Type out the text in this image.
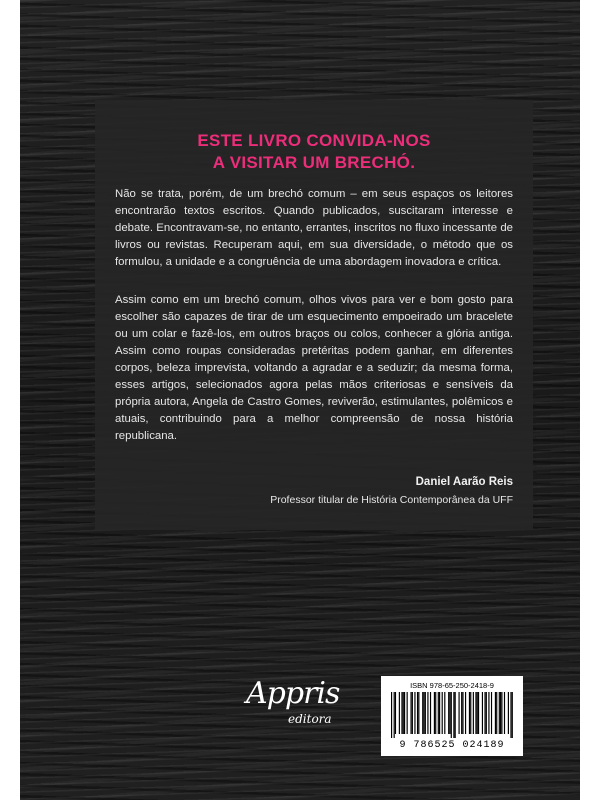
ESTE LIVRO CONVIDA-NOS
A VISITAR UM BRECHÓ.

Não se trata, porém, de um brechó comum – em seus espaços os leitores encontrarão textos escritos. Quando publicados, suscitaram interesse e debate. Encontravam-se, no entanto, errantes, inscritos no fluxo incessante de livros ou revistas. Recuperam aqui, em sua diversidade, o método que os formulou, a unidade e a congruência de uma abordagem inovadora e crítica.

Assim como em um brechó comum, olhos vivos para ver e bom gosto para escolher são capazes de tirar de um esquecimento empoeirado um bracelete ou um colar e fazê-los, em outros braços ou colos, conhecer a glória antiga. Assim como roupas consideradas pretéritas podem ganhar, em diferentes corpos, beleza imprevista, voltando a agradar e a seduzir; da mesma forma, esses artigos, selecionados agora pelas mãos criteriosas e sensíveis da própria autora, Angela de Castro Gomes, reviverão, estimulantes, polêmicos e atuais, contribuindo para a melhor compreensão de nossa história republicana.

Daniel Aarão Reis

Professor titular de História Contemporânea da UFF

Appris
editora
ISBN 978-65-250-2418-9
9 786525 024189
